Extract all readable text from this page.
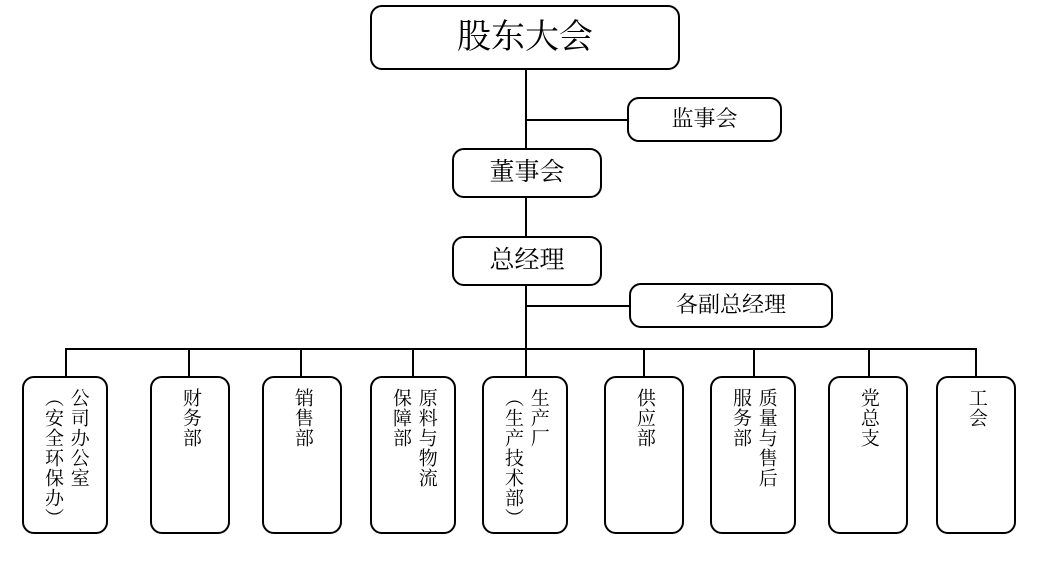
股东大会
监事会
董事会
总经理
各副总经理
公司办公室
（安全环保办）	财务部	销售部	原料与物流
保障部	生产厂
（生产技术部）	供应部	质量与售后
服务部	党总支	工会
